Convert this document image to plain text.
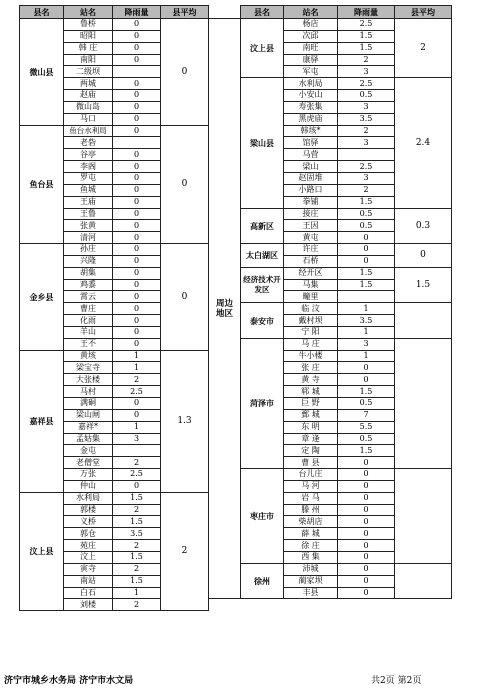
县名	站名	降雨量	县平均
微山县	鲁桥	0	0
	昭阳	0	
	韩 庄	0	
	南阳	0	
	二级坝		
	两城	0	
	赵庙	0	
	微山岛	0	
	马口	0	
鱼台县	鱼台水利局	0	0
	老砦		
	谷亭	0	
	李阁	0	
	罗屯	0	
	鱼城	0	
	王庙	0	
	王鲁	0	
	张黄	0	
	清河	0	
金乡县	孙庄	0	0
	兴隆	0	
	胡集	0	
	鸡黍	0	
	霄云	0	
	曹庄	0	
	化雨	0	
	羊山	0	
	王不	0	
嘉祥县	黄垓	1	1.3
	梁宝寺	1	
	大张楼	2	
	马村	2.5	
	满硐	0	
	梁山闸	0	
	嘉祥*	1	
	孟姑集	3	
	金屯		
	老僧堂	2	
	万张	2.5	
	仲山	0	
汶上县	水利局	1.5	2
	郭楼	2	
	义桥	1.5	
	郭仓	3.5	
	苑庄	2	
	汶上	1.5	
	寅寺	2	
	南站	1.5	
	白石	1	
	刘楼	2	
	县名	站名	降雨量	县平均
周边地区	汶上县	杨店	2.5	2
		次邱	1.5	
		南旺	1.5	
		康驿	2	
		军屯	3	
	梁山县	水利局	2.5	2.4
		小安山	0.5	
		寿张集	3	
		黑虎庙	3.5	
		韩垓*	2	
		馆驿	3	
		马营		
		梁山	2.5	
		赵固堆	3	
		小路口	2	
		拳铺	1.5	
	高新区	接庄	0.5	0.3
		王因	0.5	
		黄屯	0	
	太白湖区	许庄	0	0
		石桥	0	
	经济技术开发区	经开区	1.5	1.5
		马集	1.5	
		疃里		
	泰安市	临 汶	1	
		戴村坝	3.5	
		宁 阳	1	
	菏泽市	马 庄	3	
		牛小楼	1	
		张 庄	0	
		黄 寺	0	
		郓 城	1.5	
		巨 野	0.5	
		鄄 城	7	
		东 明	5.5	
		章 逢	0.5	
		定 陶	1.5	
		曹 县	0	
	枣庄市	台儿庄	0	
		马 河	0	
		岩 马	0	
		滕 州	0	
		柴胡店	0	
		薛 城	0	
		徐 庄	0	
		西 集	0	
	徐州	沛城	0	
		蔺家坝	0	
		丰县	0	
济宁市城乡水务局 济宁市水文局	共2页 第2页
